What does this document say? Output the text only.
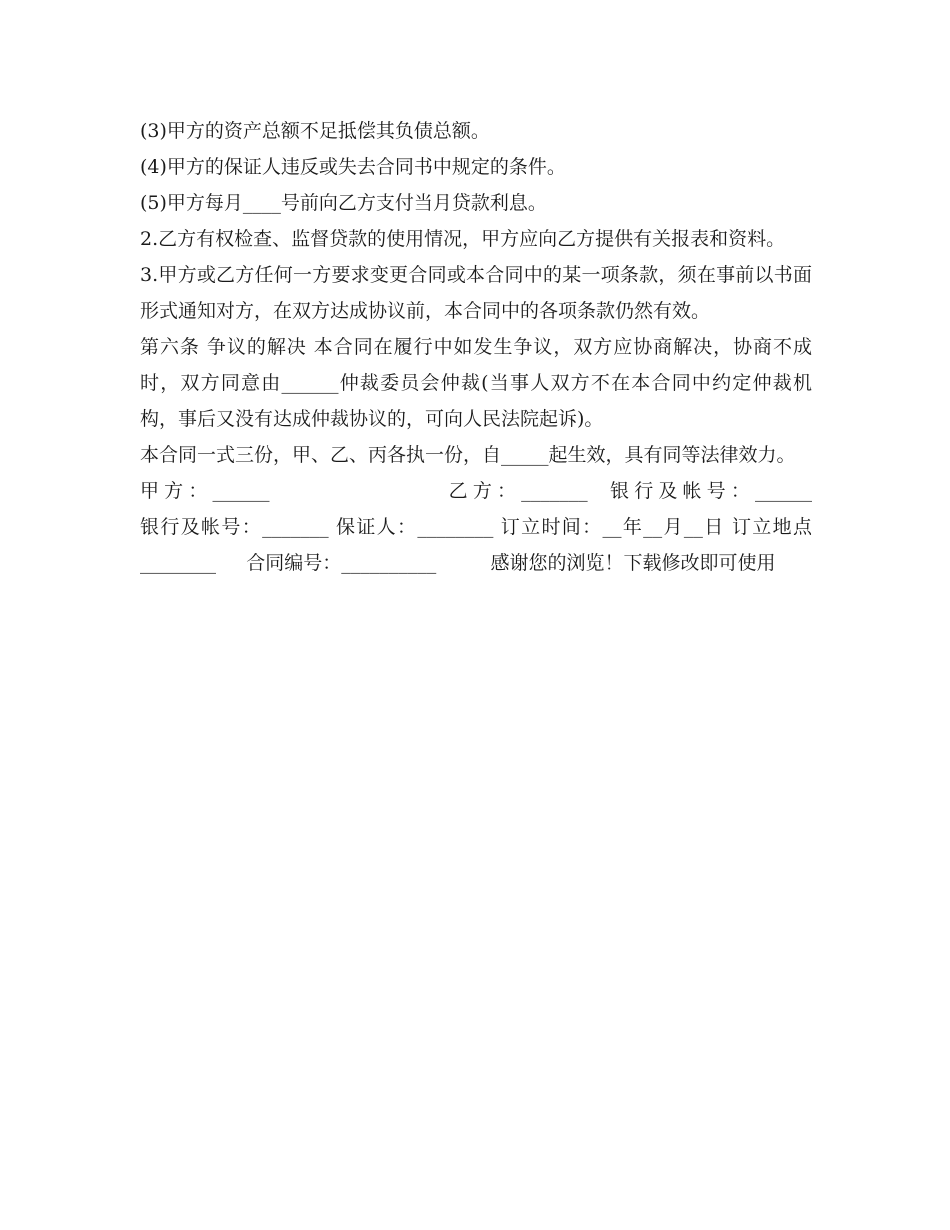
(3)甲方的资产总额不足抵偿其负债总额。

(4)甲方的保证人违反或失去合同书中规定的条件。

(5)甲方每月____号前向乙方支付当月贷款利息。

2.乙方有权检查、监督贷款的使用情况，甲方应向乙方提供有关报表和资料。

3.甲方或乙方任何一方要求变更合同或本合同中的某一项条款，须在事前以书面形式通知对方，在双方达成协议前，本合同中的各项条款仍然有效。

第六条 争议的解决 本合同在履行中如发生争议，双方应协商解决，协商不成时，双方同意由______仲裁委员会仲裁(当事人双方不在本合同中约定仲裁机构，事后又没有达成仲裁协议的，可向人民法院起诉)。

本合同一式三份，甲、乙、丙各执一份，自_____起生效，具有同等法律效力。

甲方：______                乙方：_______  银行及帐号：______

银行及帐号：_______ 保证人：________ 订立时间：__年__月__日 订立地点________     合同编号：__________         感谢您的浏览！下载修改即可使用
